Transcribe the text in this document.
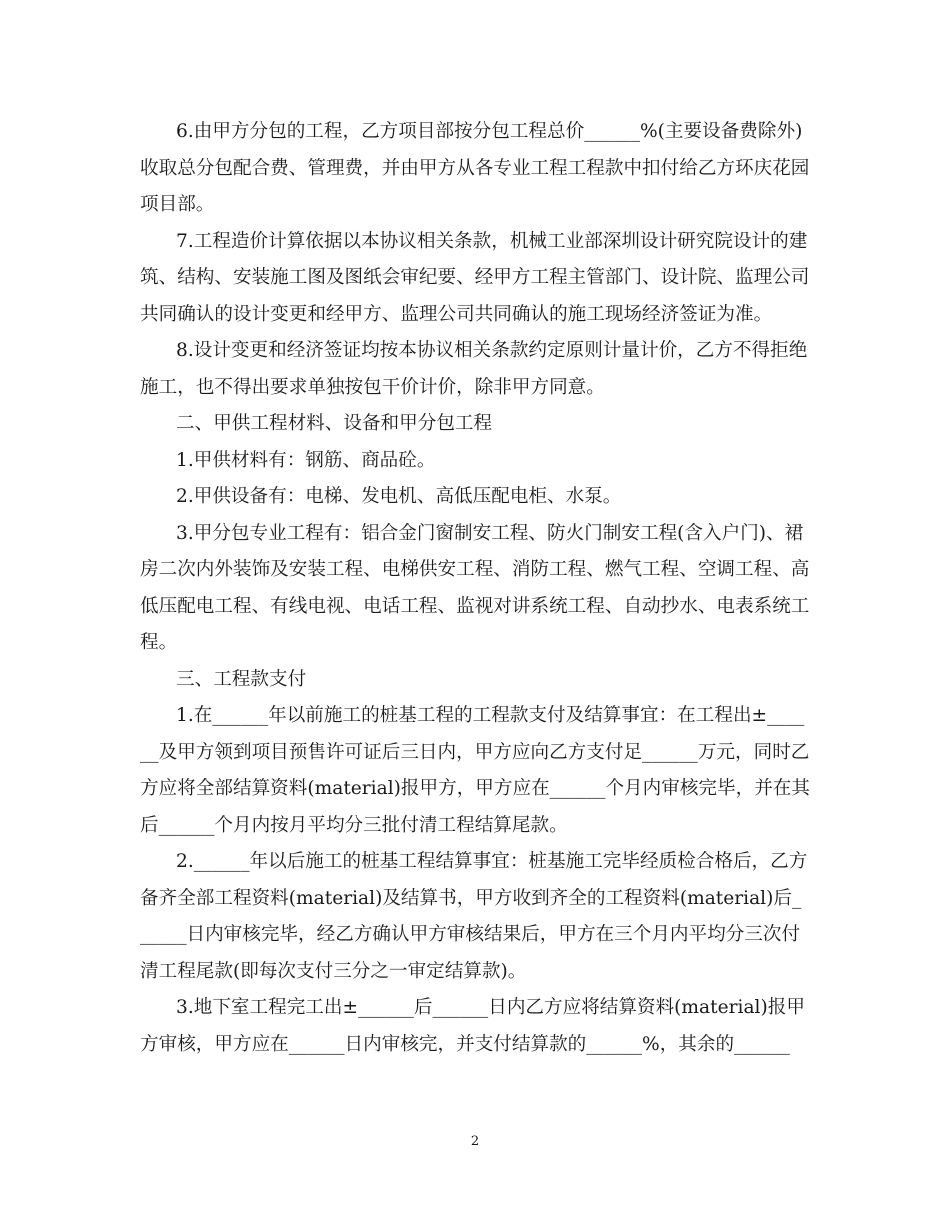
6.由甲方分包的工程，乙方项目部按分包工程总价______%(主要设备费除外)收取总分包配合费、管理费，并由甲方从各专业工程工程款中扣付给乙方环庆花园项目部。

7.工程造价计算依据以本协议相关条款，机械工业部深圳设计研究院设计的建筑、结构、安装施工图及图纸会审纪要、经甲方工程主管部门、设计院、监理公司共同确认的设计变更和经甲方、监理公司共同确认的施工现场经济签证为准。

8.设计变更和经济签证均按本协议相关条款约定原则计量计价，乙方不得拒绝施工，也不得出要求单独按包干价计价，除非甲方同意。

二、甲供工程材料、设备和甲分包工程

1.甲供材料有：钢筋、商品砼。

2.甲供设备有：电梯、发电机、高低压配电柜、水泵。

3.甲分包专业工程有：铝合金门窗制安工程、防火门制安工程(含入户门)、裙房二次内外装饰及安装工程、电梯供安工程、消防工程、燃气工程、空调工程、高低压配电工程、有线电视、电话工程、监视对讲系统工程、自动抄水、电表系统工程。

三、工程款支付

1.在______年以前施工的桩基工程的工程款支付及结算事宜：在工程出±______及甲方领到项目预售许可证后三日内，甲方应向乙方支付足______万元，同时乙方应将全部结算资料(material)报甲方，甲方应在______个月内审核完毕，并在其后______个月内按月平均分三批付清工程结算尾款。

2.______年以后施工的桩基工程结算事宜：桩基施工完毕经质检合格后，乙方备齐全部工程资料(material)及结算书，甲方收到齐全的工程资料(material)后______日内审核完毕，经乙方确认甲方审核结果后，甲方在三个月内平均分三次付清工程尾款(即每次支付三分之一审定结算款)。

3.地下室工程完工出±______后______日内乙方应将结算资料(material)报甲方审核，甲方应在______日内审核完，并支付结算款的______%，其余的______

2
